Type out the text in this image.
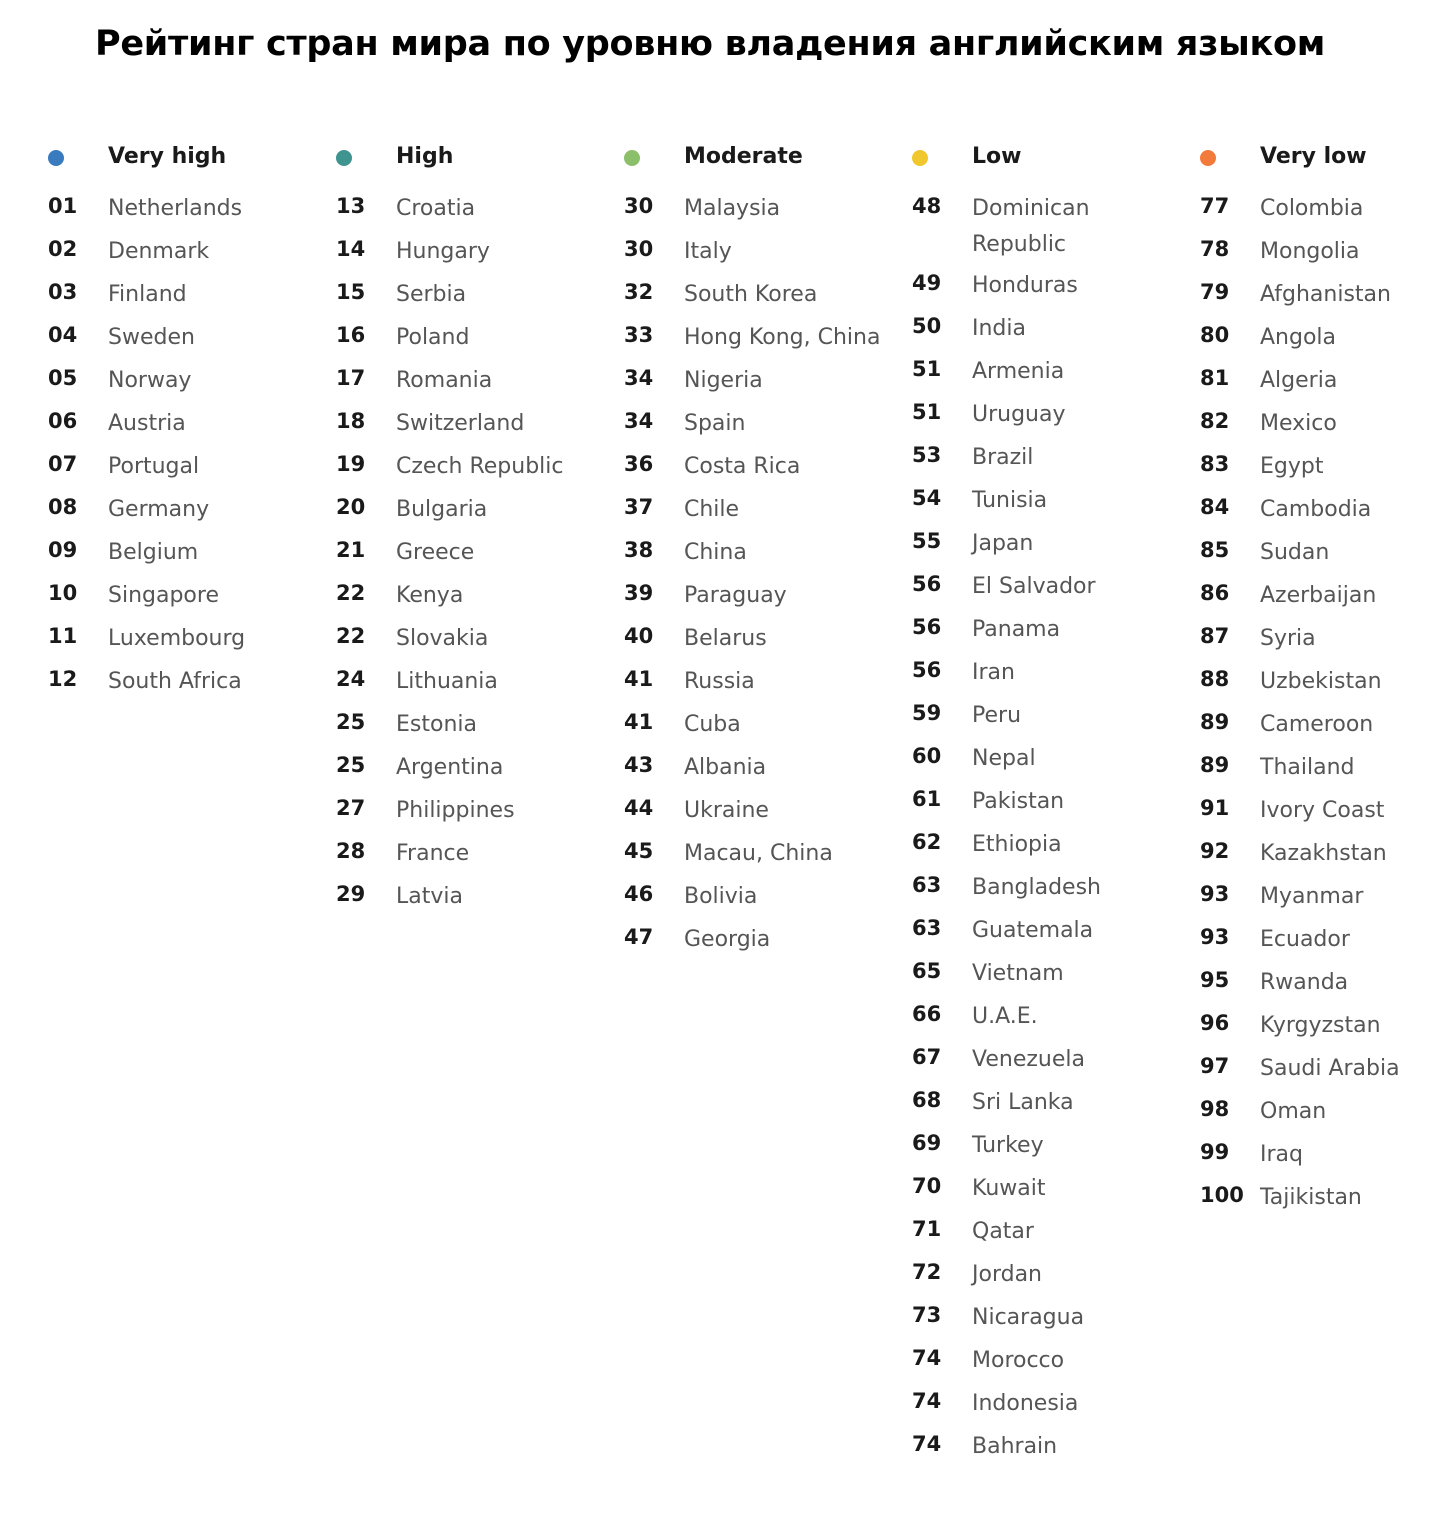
Рейтинг стран мира по уровню владения английским языком
Very high
01 Netherlands
02 Denmark
03 Finland
04 Sweden
05 Norway
06 Austria
07 Portugal
08 Germany
09 Belgium
10 Singapore
11 Luxembourg
12 South Africa
High
13 Croatia
14 Hungary
15 Serbia
16 Poland
17 Romania
18 Switzerland
19 Czech Republic
20 Bulgaria
21 Greece
22 Kenya
22 Slovakia
24 Lithuania
25 Estonia
25 Argentina
27 Philippines
28 France
29 Latvia
Moderate
30 Malaysia
30 Italy
32 South Korea
33 Hong Kong, China
34 Nigeria
34 Spain
36 Costa Rica
37 Chile
38 China
39 Paraguay
40 Belarus
41 Russia
41 Cuba
43 Albania
44 Ukraine
45 Macau, China
46 Bolivia
47 Georgia
Low
48 Dominican Republic
49 Honduras
50 India
51 Armenia
51 Uruguay
53 Brazil
54 Tunisia
55 Japan
56 El Salvador
56 Panama
56 Iran
59 Peru
60 Nepal
61 Pakistan
62 Ethiopia
63 Bangladesh
63 Guatemala
65 Vietnam
66 U.A.E.
67 Venezuela
68 Sri Lanka
69 Turkey
70 Kuwait
71 Qatar
72 Jordan
73 Nicaragua
74 Morocco
74 Indonesia
74 Bahrain
Very low
77 Colombia
78 Mongolia
79 Afghanistan
80 Angola
81 Algeria
82 Mexico
83 Egypt
84 Cambodia
85 Sudan
86 Azerbaijan
87 Syria
88 Uzbekistan
89 Cameroon
89 Thailand
91 Ivory Coast
92 Kazakhstan
93 Myanmar
93 Ecuador
95 Rwanda
96 Kyrgyzstan
97 Saudi Arabia
98 Oman
99 Iraq
100 Tajikistan
